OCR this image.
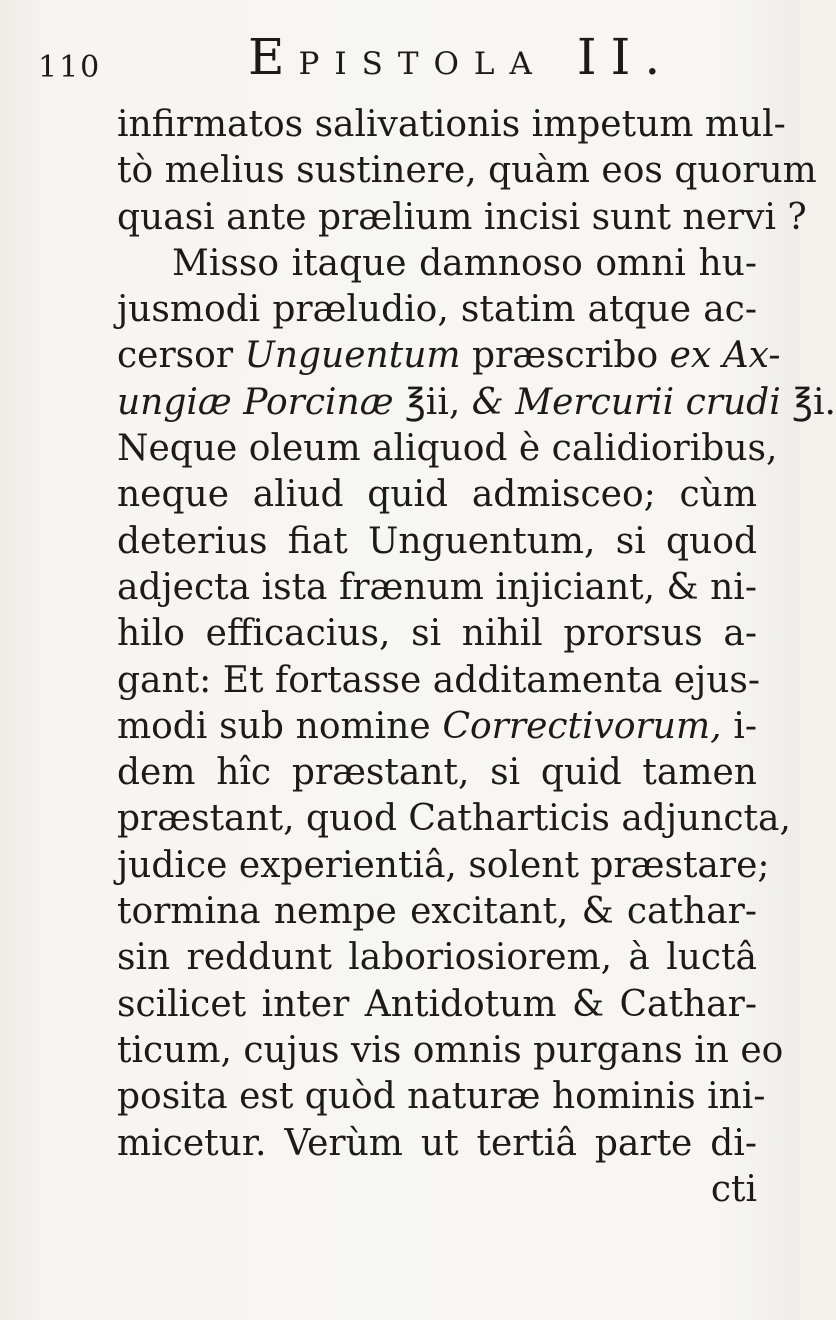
110	EPISTOLA II.
infirmatos salivationis impetum mul-
tò melius sustinere, quàm eos quorum
quasi ante prælium incisi sunt nervi ?
Misso itaque damnoso omni hu-
jusmodi præludio, statim atque ac-
cersor Unguentum præscribo ex Ax-
ungiæ Porcinæ ℥ii, & Mercurii crudi ℥i.
Neque oleum aliquod è calidioribus,
neque aliud quid admisceo; cùm
deterius fiat Unguentum, si quod
adjecta ista frænum injiciant, & ni-
hilo efficacius, si nihil prorsus a-
gant: Et fortasse additamenta ejus-
modi sub nomine Correctivorum, i-
dem hîc præstant, si quid tamen
præstant, quod Catharticis adjuncta,
judice experientiâ, solent præstare;
tormina nempe excitant, & cathar-
sin reddunt laboriosiorem, à luctâ
scilicet inter Antidotum & Cathar-
ticum, cujus vis omnis purgans in eo
posita est quòd naturæ hominis ini-
micetur. Verùm ut tertiâ parte di-
cti
